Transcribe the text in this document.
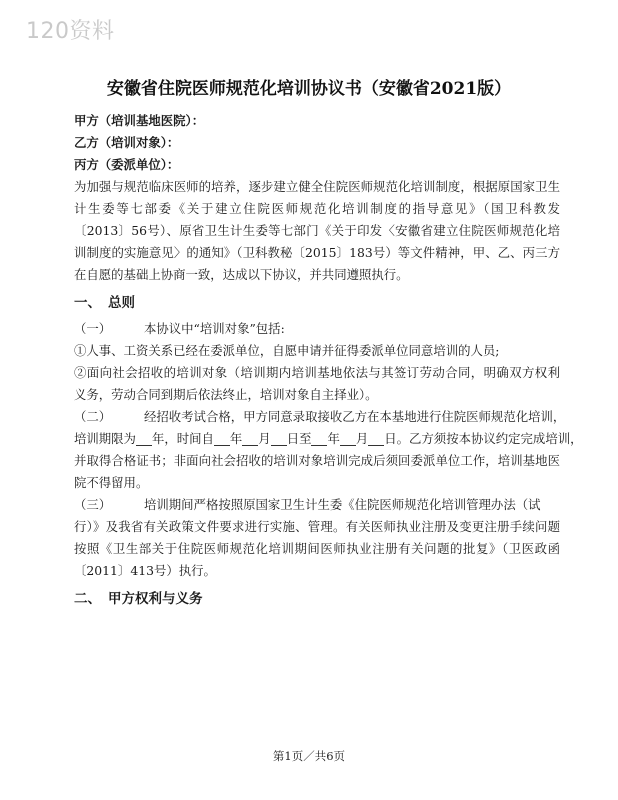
120资料
安徽省住院医师规范化培训协议书（安徽省2021版）
甲方（培训基地医院）：
乙方（培训对象）：
丙方（委派单位）：
为加强与规范临床医师的培养，逐步建立健全住院医师规范化培训制度，根据原国家卫生
计生委等七部委《关于建立住院医师规范化培训制度的指导意见》（国卫科教发
〔2013〕56号）、原省卫生计生委等七部门《关于印发〈安徽省建立住院医师规范化培
训制度的实施意见〉的通知》（卫科教秘〔2015〕183号）等文件精神，甲、乙、丙三方
在自愿的基础上协商一致，达成以下协议，并共同遵照执行。
一、 总则
（一）	本协议中“培训对象”包括:
①人事、工资关系已经在委派单位，自愿申请并征得委派单位同意培训的人员;
②面向社会招收的培训对象（培训期内培训基地依法与其签订劳动合同，明确双方权利
义务，劳动合同到期后依法终止，培训对象自主择业）。
（二）	经招收考试合格，甲方同意录取接收乙方在本基地进行住院医师规范化培训，
培训期限为 年，时间自 年 月 日至 年 月 日。乙方须按本协议约定完成培训，
并取得合格证书；非面向社会招收的培训对象培训完成后须回委派单位工作，培训基地医
院不得留用。
（三）	培训期间严格按照原国家卫生计生委《住院医师规范化培训管理办法（试
行）》及我省有关政策文件要求进行实施、管理。有关医师执业注册及变更注册手续问题
按照《卫生部关于住院医师规范化培训期间医师执业注册有关问题的批复》（卫医政函
〔2011〕413号）执行。
二、 甲方权利与义务
第1页／共6页
